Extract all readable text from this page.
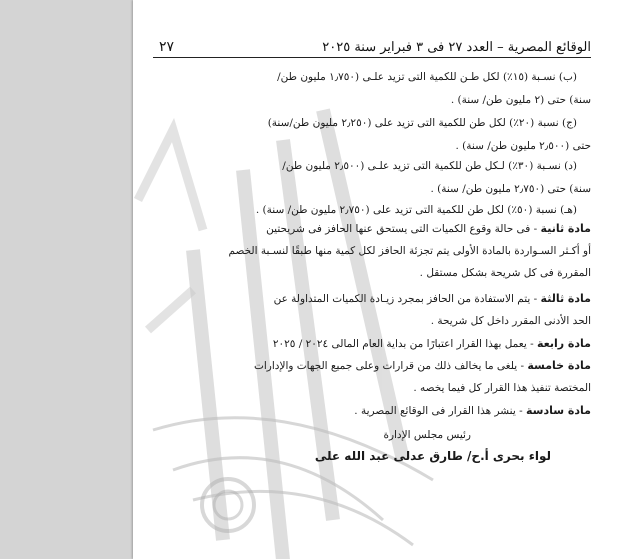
الوقائع المصرية – العدد ٢٧ فى ٣ فبراير سنة ٢٠٢٥
٢٧
(ب) نسـبة (١٥٪) لكل طـن للكمية التى تزيد علـى (١٫٧٥٠ مليون طن/
سنة) حتى (٢ مليون طن/ سنة) .
(ج) نسبة (٢٠٪) لكل طن للكمية التى تزيد على (٢٫٢٥٠ مليون طن/سنة)
حتى (٢٫٥٠٠ مليون طن/ سنة) .
(د) نسـبة (٣٠٪) لـكل طن للكمية التى تزيد علـى (٢٫٥٠٠ مليون طن/
سنة) حتى (٢٫٧٥٠ مليون طن/ سنة) .
(هـ) نسبة (٥٠٪) لكل طن للكمية التى تزيد على (٢٫٧٥٠ مليون طن/ سنة) .
مادة ثانية - فى حالة وقوع الكميات التى يستحق عنها الحافز فى شريحتين
أو أكـثر السـواردة بالمادة الأولى يتم تجزئة الحافز لكل كمية منها طبقًا لنسـبة الخصم
المقررة فى كل شريحة بشكل مستقل .
مادة ثالثة - يتم الاستفادة من الحافز بمجرد زيـادة الكميات المتداولة عن
الحد الأدنى المقرر داخل كل شريحة .
مادة رابعة - يعمل بهذا القرار اعتبارًا من بداية العام المالى ٢٠٢٤ / ٢٠٢٥
مادة خامسة - يلغى ما يخالف ذلك من قرارات وعلى جميع الجهات والإدارات
المختصة تنفيذ هذا القرار كل فيما يخصه .
مادة سادسة - ينشر هذا القرار فى الوقائع المصرية .
رئيس مجلس الإدارة
لواء بحرى أ.ح/ طارق عدلى عبد الله على
